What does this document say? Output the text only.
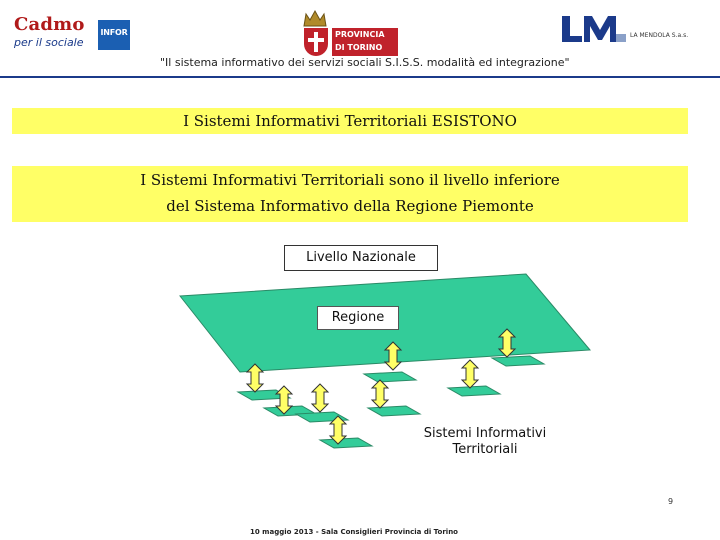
Cadmo
per il sociale
INFOR	PROVINCIA
DI TORINO
LA MENDOLA S.a.s.
"Il sistema informativo dei servizi sociali S.I.S.S. modalità ed integrazione"
I Sistemi Informativi Territoriali ESISTONO
I Sistemi Informativi Territoriali sono il livello inferiore
del Sistema Informativo della Regione Piemonte
Livello Nazionale
Regione
Sistemi Informativi
Territoriali
9
10 maggio 2013 - Sala Consiglieri Provincia di Torino
